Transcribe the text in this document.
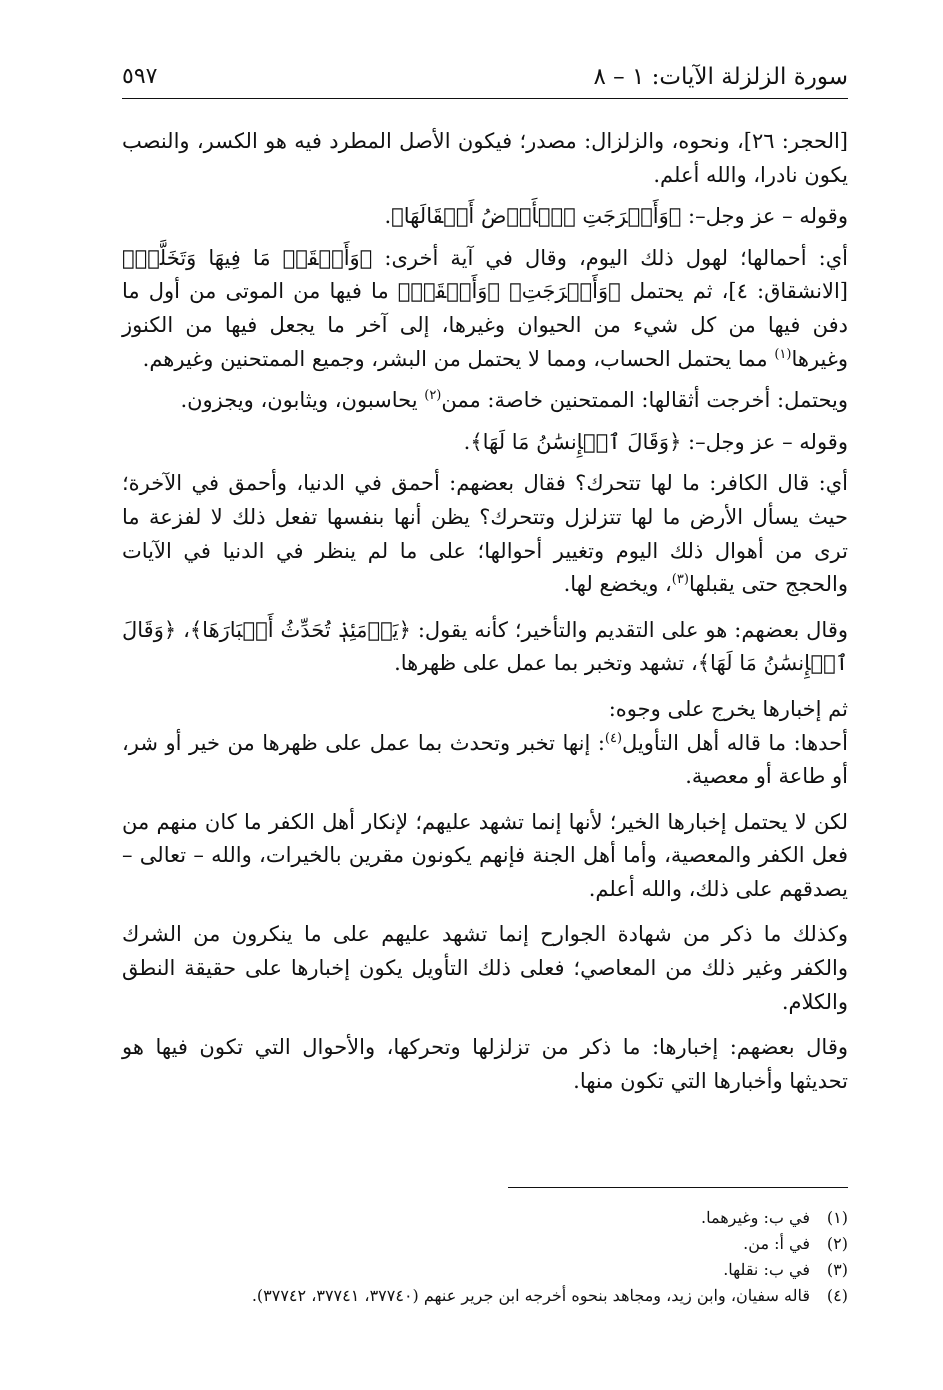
سورة الزلزلة الآيات: ١ – ٨
٥٩٧

[الحجر: ٢٦]، ونحوه، والزلزال: مصدر؛ فيكون الأصل المطرد فيه هو الكسر، والنصب يكون نادرا، والله أعلم.

وقوله – عز وجل–: ﴿وَأَخۡرَجَتِ ٱلۡأَرۡضُ أَثۡقَالَهَا﴾.

أي: أحمالها؛ لهول ذلك اليوم، وقال في آية أخرى: ﴿وَأَلۡقَتۡ مَا فِيهَا وَتَخَلَّتۡ﴾ [الانشقاق: ٤]، ثم يحتمل ﴿وَأَخۡرَجَتِ﴾ ﴿وَأَلۡقَتۡ﴾ ما فيها من الموتى من أول ما دفن فيها من كل شيء من الحيوان وغيرها، إلى آخر ما يجعل فيها من الكنوز وغيرها$^{(١)}$ مما يحتمل الحساب، ومما لا يحتمل من البشر، وجميع الممتحنين وغيرهم.

ويحتمل: أخرجت أثقالها: الممتحنين خاصة: ممن$^{(٢)}$ يحاسبون، ويثابون، ويجزون.

وقوله – عز وجل–: ﴿وَقَالَ ٱلۡإِنسَٰنُ مَا لَهَا﴾.

أي: قال الكافر: ما لها تتحرك؟ فقال بعضهم: أحمق في الدنيا، وأحمق في الآخرة؛ حيث يسأل الأرض ما لها تتزلزل وتتحرك؟ يظن أنها بنفسها تفعل ذلك لا لفزعة ما ترى من أهوال ذلك اليوم وتغيير أحوالها؛ على ما لم ينظر في الدنيا في الآيات والحجج حتى يقبلها$^{(٣)}$، ويخضع لها.

وقال بعضهم: هو على التقديم والتأخير؛ كأنه يقول: ﴿يَوۡمَئِذٖ تُحَدِّثُ أَخۡبَارَهَا﴾، ﴿وَقَالَ ٱلۡإِنسَٰنُ مَا لَهَا﴾، تشهد وتخبر بما عمل على ظهرها.

ثم إخبارها يخرج على وجوه:

أحدها: ما قاله أهل التأويل$^{(٤)}$: إنها تخبر وتحدث بما عمل على ظهرها من خير أو شر، أو طاعة أو معصية.

لكن لا يحتمل إخبارها الخير؛ لأنها إنما تشهد عليهم؛ لإنكار أهل الكفر ما كان منهم من فعل الكفر والمعصية، وأما أهل الجنة فإنهم يكونون مقرين بالخيرات، والله – تعالى – يصدقهم على ذلك، والله أعلم.

وكذلك ما ذكر من شهادة الجوارح إنما تشهد عليهم على ما ينكرون من الشرك والكفر وغير ذلك من المعاصي؛ فعلى ذلك التأويل يكون إخبارها على حقيقة النطق والكلام.

وقال بعضهم: إخبارها: ما ذكر من تزلزلها وتحركها، والأحوال التي تكون فيها هو تحديثها وأخبارها التي تكون منها.

(١)
في ب: وغيرهما.
(٢)
في أ: من.
(٣)
في ب: نقلها.
(٤)
قاله سفيان، وابن زيد، ومجاهد بنحوه أخرجه ابن جرير عنهم (٣٧٧٤٠، ٣٧٧٤١، ٣٧٧٤٢).
